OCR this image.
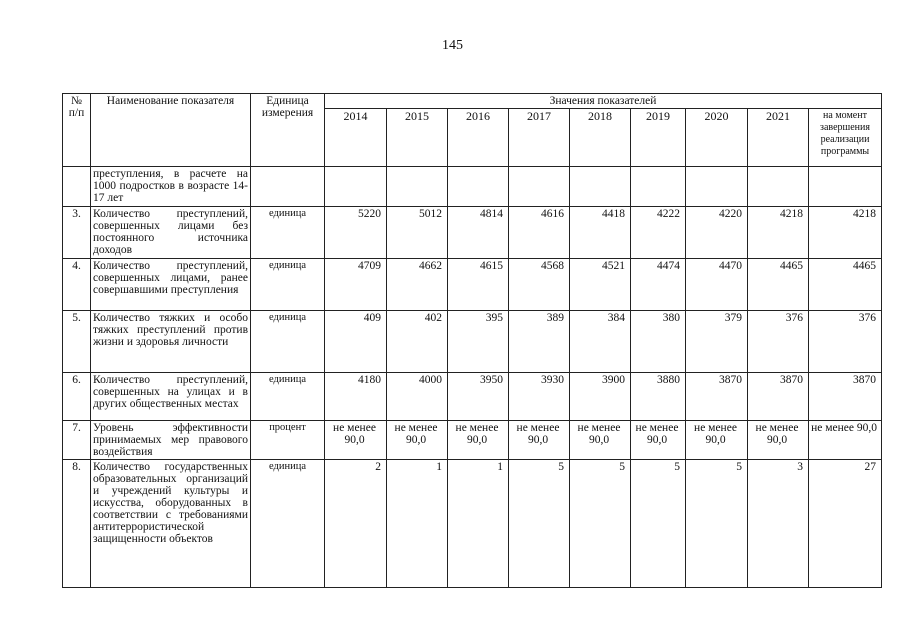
145
№ п/п	Наименование показателя	Единица измерения	Значения показателей								
			2014	2015	2016	2017	2018	2019	2020	2021	на момент завершения реализации программы
	преступления, в расчете на 1000 подростков в возрасте 14-17 лет										
3.	Количество преступлений, совершенных лицами без постоянного источника доходов	единица	5220	5012	4814	4616	4418	4222	4220	4218	4218
4.	Количество преступлений, совершенных лицами, ранее совершавшими преступления	единица	4709	4662	4615	4568	4521	4474	4470	4465	4465
5.	Количество тяжких и особо тяжких преступлений против жизни и здоровья личности	единица	409	402	395	389	384	380	379	376	376
6.	Количество преступлений, совершенных на улицах и в других общественных местах	единица	4180	4000	3950	3930	3900	3880	3870	3870	3870
7.	Уровень эффективности принимаемых мер правового воздействия	процент	не менее 90,0	не менее 90,0	не менее 90,0	не менее 90,0	не менее 90,0	не менее 90,0	не менее 90,0	не менее 90,0	не менее 90,0
8.	Количество государственных образовательных организаций и учреждений культуры и искусства, оборудованных в соответствии с требованиями антитеррористической защищенности объектов	единица	2	1	1	5	5	5	5	3	27
